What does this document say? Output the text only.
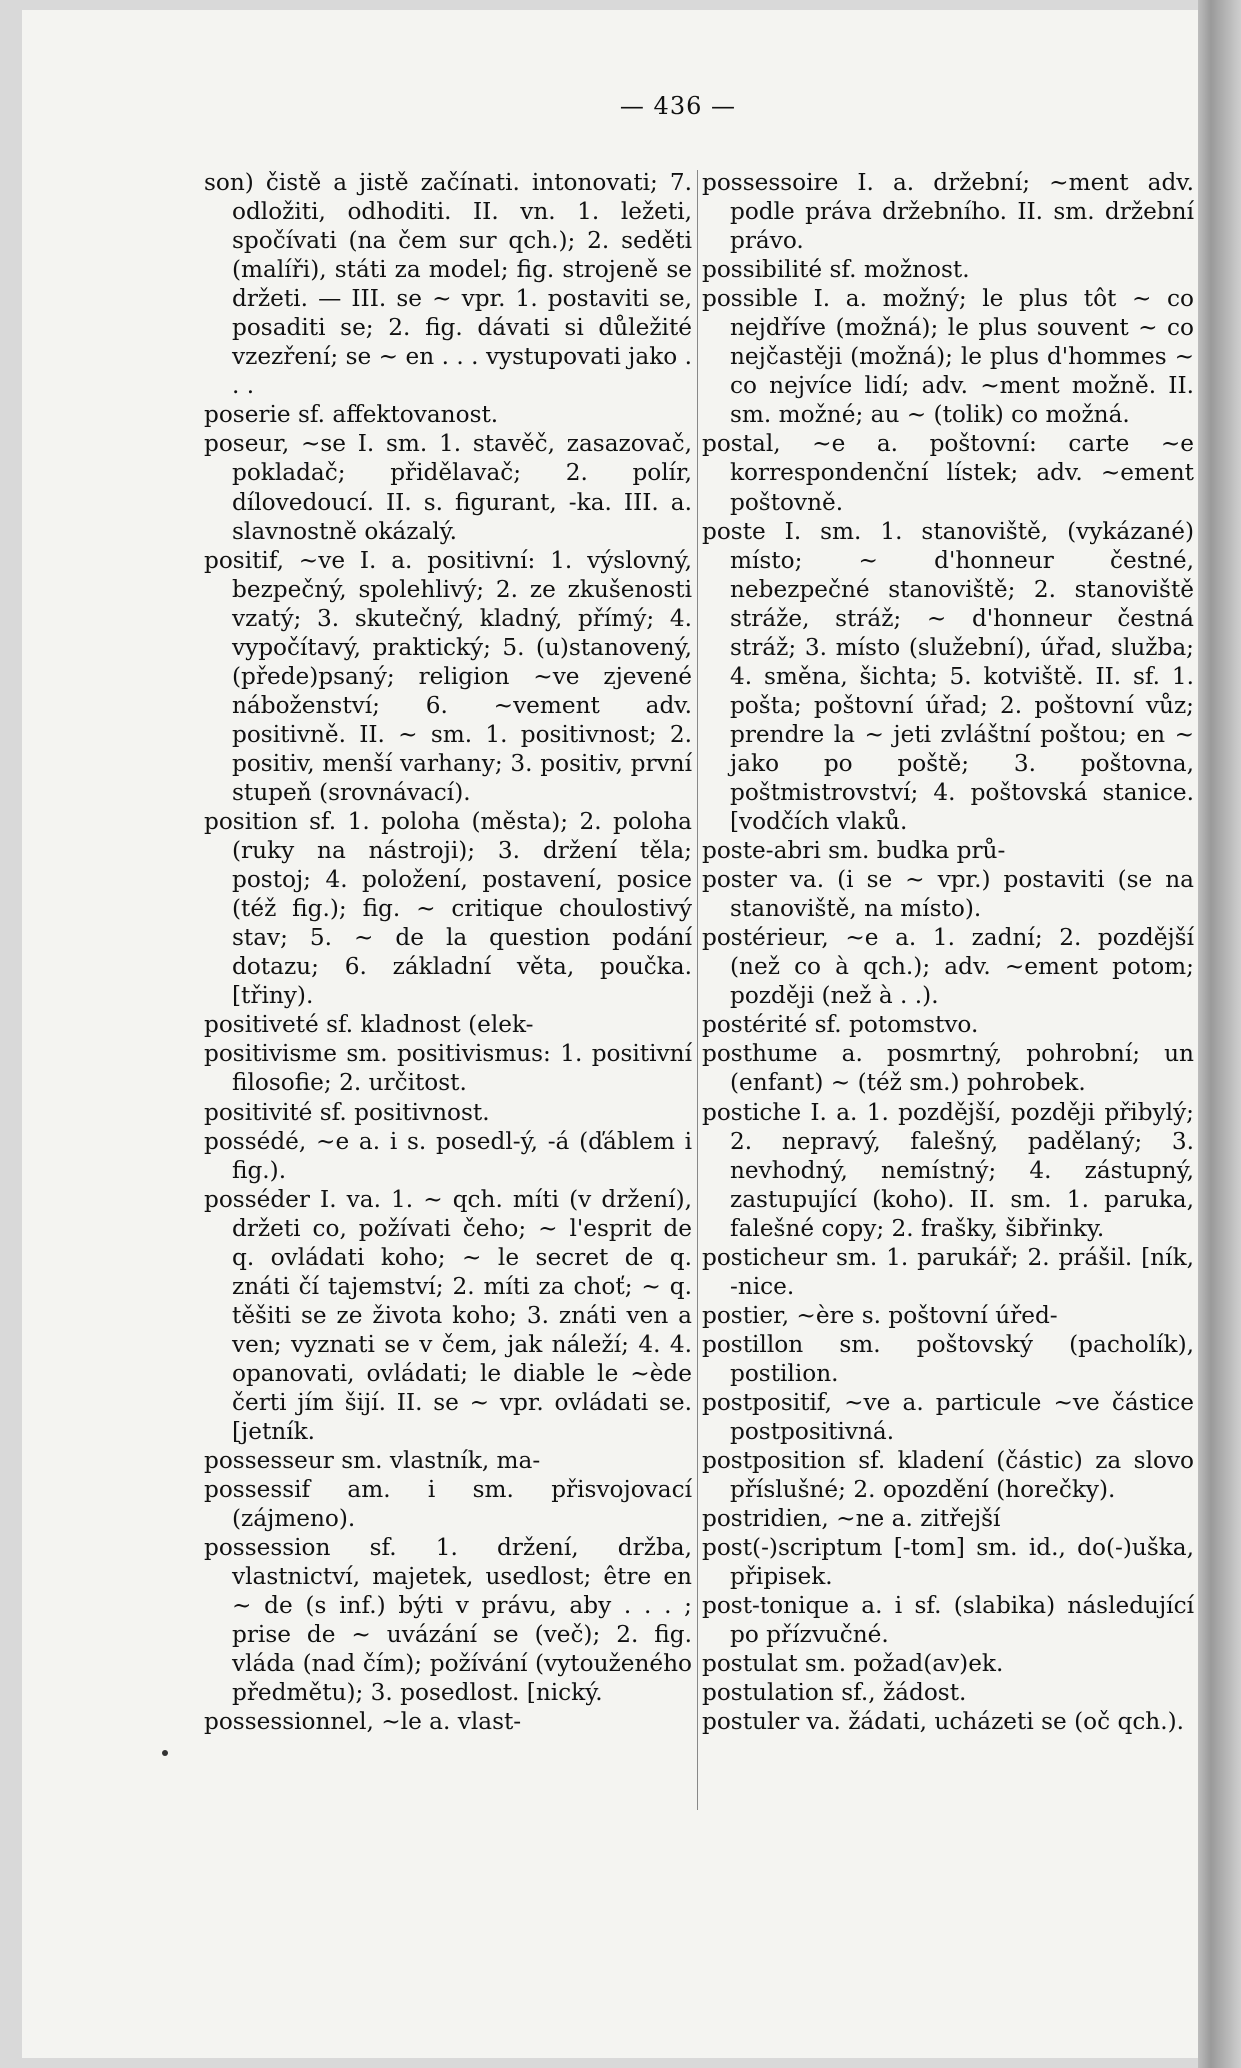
— 436 —

son) čistě a jistě začínati. intonovati; 7. odložiti, odhoditi. II. vn. 1. ležeti, spočívati (na čem sur qch.); 2. seděti (malíři), státi za model; fig. strojeně se držeti. — III. se ~ vpr. 1. postaviti se, posaditi se; 2. fig. dávati si důležité vzezření; se ~ en . . . vystupovati jako . . .

poserie sf. affektovanost.

poseur, ~se I. sm. 1. stavěč, zasazovač, pokladač; přidělavač; 2. polír, dílovedoucí. II. s. figurant, -ka. III. a. slavnostně okázalý.

positif, ~ve I. a. positivní: 1. výslovný, bezpečný, spolehlivý; 2. ze zkušenosti vzatý; 3. skutečný, kladný, přímý; 4. vypočítavý, praktický; 5. (u)stanovený, (přede)psaný; religion ~ve zjevené náboženství; 6. ~vement adv. positivně. II. ~ sm. 1. positivnost; 2. positiv, menší varhany; 3. positiv, první stupeň (srovnávací).

position sf. 1. poloha (města); 2. poloha (ruky na nástroji); 3. držení těla; postoj; 4. položení, postavení, posice (též fig.); fig. ~ critique choulostivý stav; 5. ~ de la question podání dotazu; 6. základní věta, poučka. [třiny).

positiveté sf. kladnost (elek-

positivisme sm. positivismus: 1. positivní filosofie; 2. určitost.

positivité sf. positivnost.

possédé, ~e a. i s. posedl-ý, -á (ďáblem i fig.).

posséder I. va. 1. ~ qch. míti (v držení), držeti co, požívati čeho; ~ l'esprit de q. ovládati koho; ~ le secret de q. znáti čí tajemství; 2. míti za choť; ~ q. těšiti se ze života koho; 3. znáti ven a ven; vyznati se v čem, jak náleží; 4. 4. opanovati, ovládati; le diable le ~ède čerti jím šijí. II. se ~ vpr. ovládati se. [jetník.

possesseur sm. vlastník, ma-

possessif am. i sm. přisvojovací (zájmeno).

possession sf. 1. držení, držba, vlastnictví, majetek, usedlost; être en ~ de (s inf.) býti v právu, aby . . . ; prise de ~ uvázání se (več); 2. fig. vláda (nad čím); požívání (vytouženého předmětu); 3. posedlost. [nický.

possessionnel, ~le a. vlast-

possessoire I. a. držební; ~ment adv. podle práva držebního. II. sm. držební právo.

possibilité sf. možnost.

possible I. a. možný; le plus tôt ~ co nejdříve (možná); le plus souvent ~ co nejčastěji (možná); le plus d'hommes ~ co nejvíce lidí; adv. ~ment možně. II. sm. možné; au ~ (tolik) co možná.

postal, ~e a. poštovní: carte ~e korrespondenční lístek; adv. ~ement poštovně.

poste I. sm. 1. stanoviště, (vykázané) místo; ~ d'honneur čestné, nebezpečné stanoviště; 2. stanoviště stráže, stráž; ~ d'honneur čestná stráž; 3. místo (služební), úřad, služba; 4. směna, šichta; 5. kotviště. II. sf. 1. pošta; poštovní úřad; 2. poštovní vůz; prendre la ~ jeti zvláštní poštou; en ~ jako po poště; 3. poštovna, poštmistrovství; 4. poštovská stanice. [vodčích vlaků.

poste-abri sm. budka prů-

poster va. (i se ~ vpr.) postaviti (se na stanoviště, na místo).

postérieur, ~e a. 1. zadní; 2. pozdější (než co à qch.); adv. ~ement potom; později (než à . .).

postérité sf. potomstvo.

posthume a. posmrtný, pohrobní; un (enfant) ~ (též sm.) pohrobek.

postiche I. a. 1. pozdější, později přibylý; 2. nepravý, falešný, padělaný; 3. nevhodný, nemístný; 4. zástupný, zastupující (koho). II. sm. 1. paruka, falešné copy; 2. frašky, šibřinky.

posticheur sm. 1. parukář; 2. prášil. [ník, -nice.

postier, ~ère s. poštovní úřed-

postillon sm. poštovský (pacholík), postilion.

postpositif, ~ve a. particule ~ve částice postpositivná.

postposition sf. kladení (částic) za slovo příslušné; 2. opozdění (horečky).

postridien, ~ne a. zitřejší

post(-)scriptum [-tom] sm. id., do(-)uška, připisek.

post-tonique a. i sf. (slabika) následující po přízvučné.

postulat sm. požad(av)ek.

postulation sf., žádost.

postuler va. žádati, ucházeti se (oč qch.).
